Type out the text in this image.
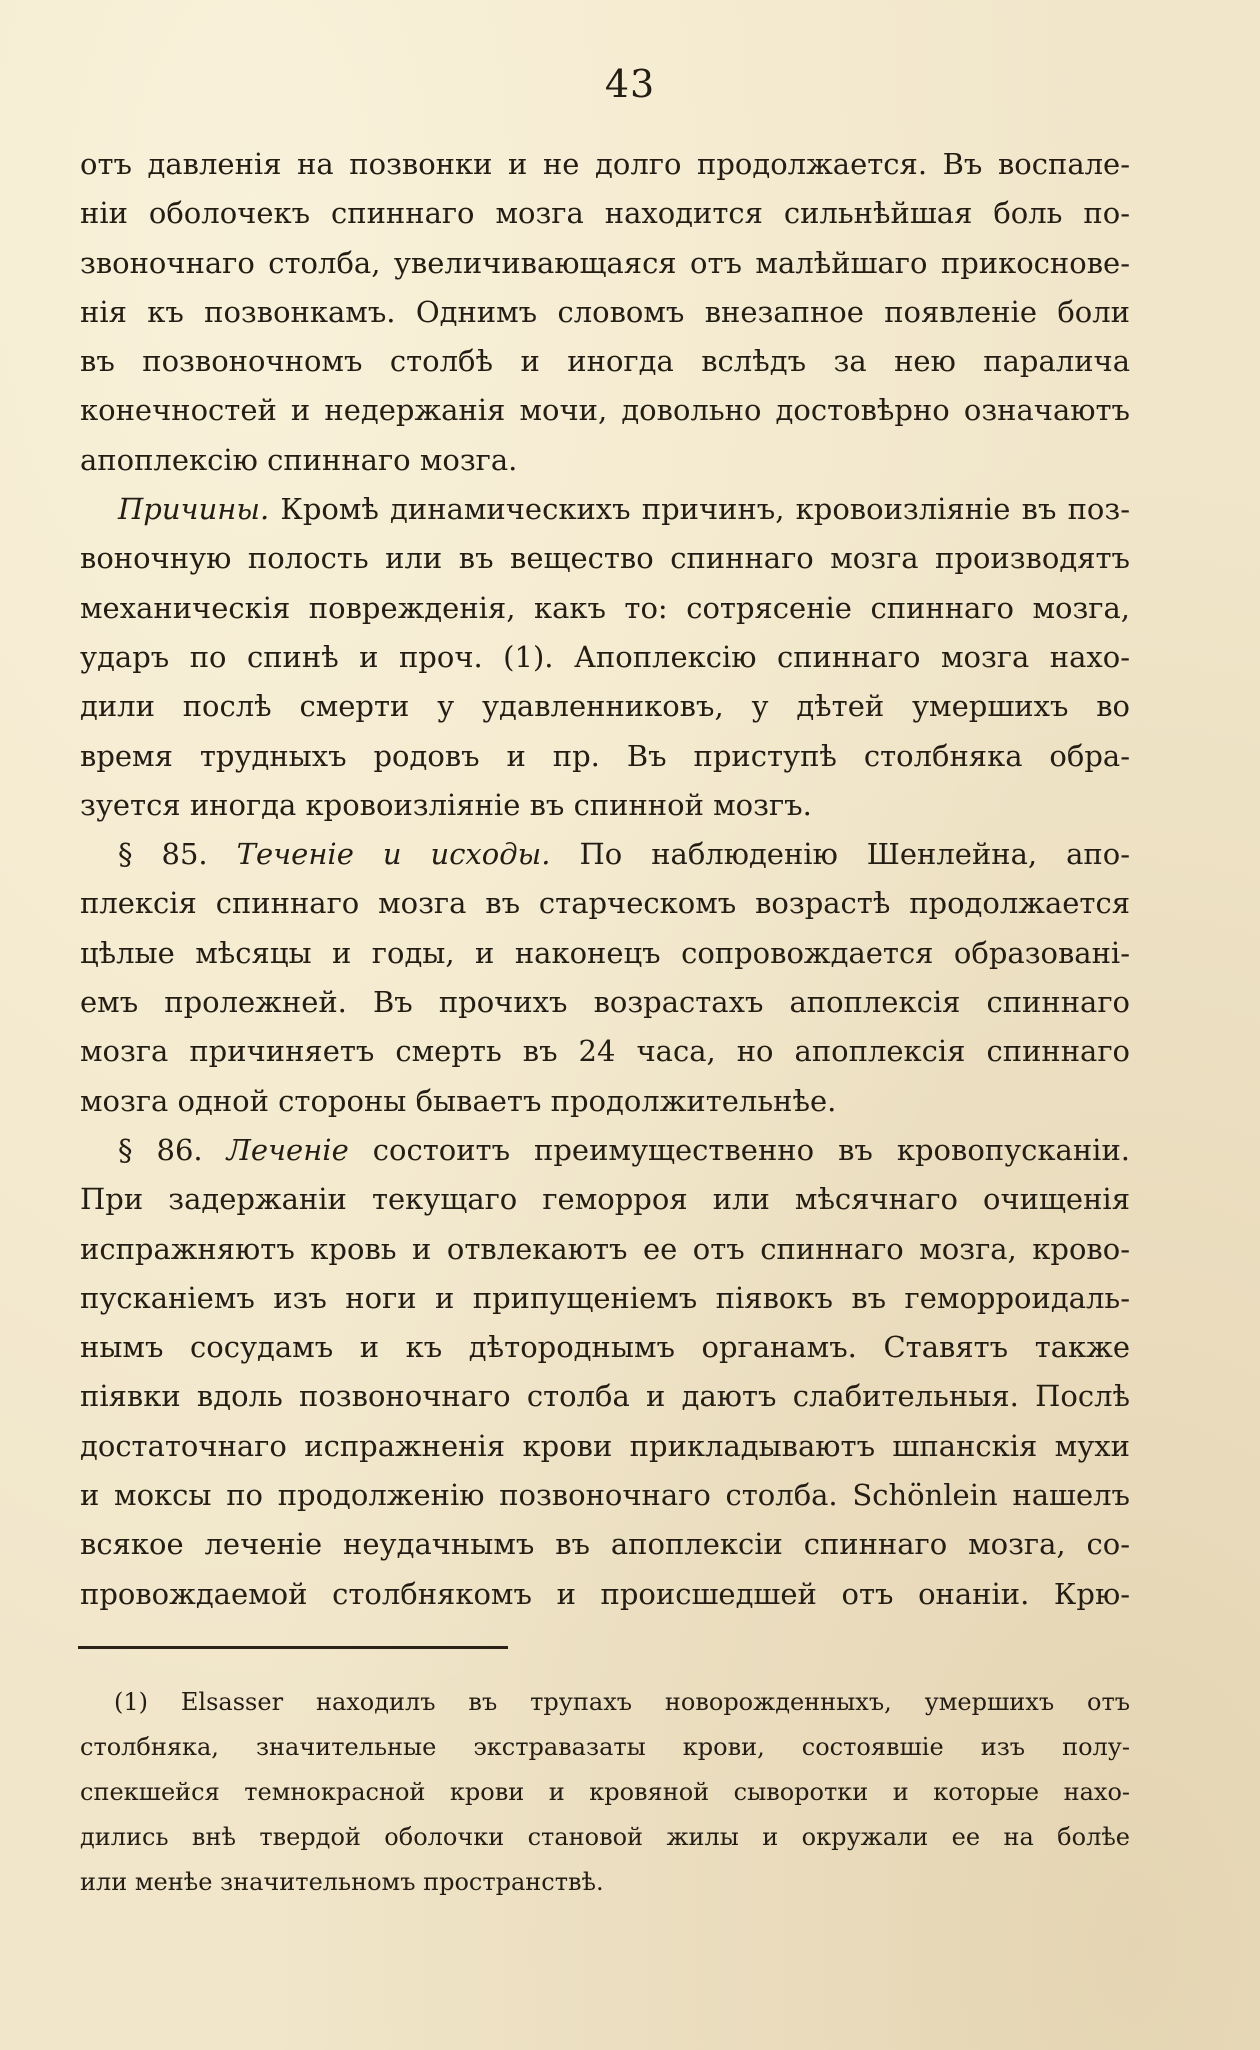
43
отъ давленія на позвонки и не долго продолжается. Въ воспале-
ніи оболочекъ спиннаго мозга находится сильнѣйшая боль по-
звоночнаго столба, увеличивающаяся отъ малѣйшаго прикоснове-
нія къ позвонкамъ. Однимъ словомъ внезапное появленіе боли
въ позвоночномъ столбѣ и иногда вслѣдъ за нею паралича
конечностей и недержанія мочи, довольно достовѣрно означаютъ
апоплексію спиннаго мозга.
Причины. Кромѣ динамическихъ причинъ, кровоизліяніе въ поз-
воночную полость или въ вещество спиннаго мозга производятъ
механическія поврежденія, какъ то: сотрясеніе спиннаго мозга,
ударъ по спинѣ и проч. (1). Апоплексію спиннаго мозга нахо-
дили послѣ смерти у удавленниковъ, у дѣтей умершихъ во
время трудныхъ родовъ и пр. Въ приступѣ столбняка обра-
зуется иногда кровоизліяніе въ спинной мозгъ.
§ 85. Теченіе и исходы. По наблюденію Шенлейна, апо-
плексія спиннаго мозга въ старческомъ возрастѣ продолжается
цѣлые мѣсяцы и годы, и наконецъ сопровождается образовані-
емъ пролежней. Въ прочихъ возрастахъ апоплексія спиннаго
мозга причиняетъ смерть въ 24 часа, но апоплексія спиннаго
мозга одной стороны бываетъ продолжительнѣе.
§ 86. Леченіе состоитъ преимущественно въ кровопусканіи.
При задержаніи текущаго геморроя или мѣсячнаго очищенія
испражняютъ кровь и отвлекаютъ ее отъ спиннаго мозга, крово-
пусканіемъ изъ ноги и припущеніемъ піявокъ въ геморроидаль-
нымъ сосудамъ и къ дѣтороднымъ органамъ. Ставятъ также
піявки вдоль позвоночнаго столба и даютъ слабительныя. Послѣ
достаточнаго испражненія крови прикладываютъ шпанскія мухи
и моксы по продолженію позвоночнаго столба. Schönlein нашелъ
всякое леченіе неудачнымъ въ апоплексіи спиннаго мозга, со-
провождаемой столбнякомъ и происшедшей отъ онаніи. Крю-
(1) Elsasser находилъ въ трупахъ новорожденныхъ, умершихъ отъ
столбняка, значительные экстравазаты крови, состоявшіе изъ полу-
спекшейся темнокрасной крови и кровяной сыворотки и которые нахо-
дились внѣ твердой оболочки становой жилы и окружали ее на болѣе
или менѣе значительномъ пространствѣ.
